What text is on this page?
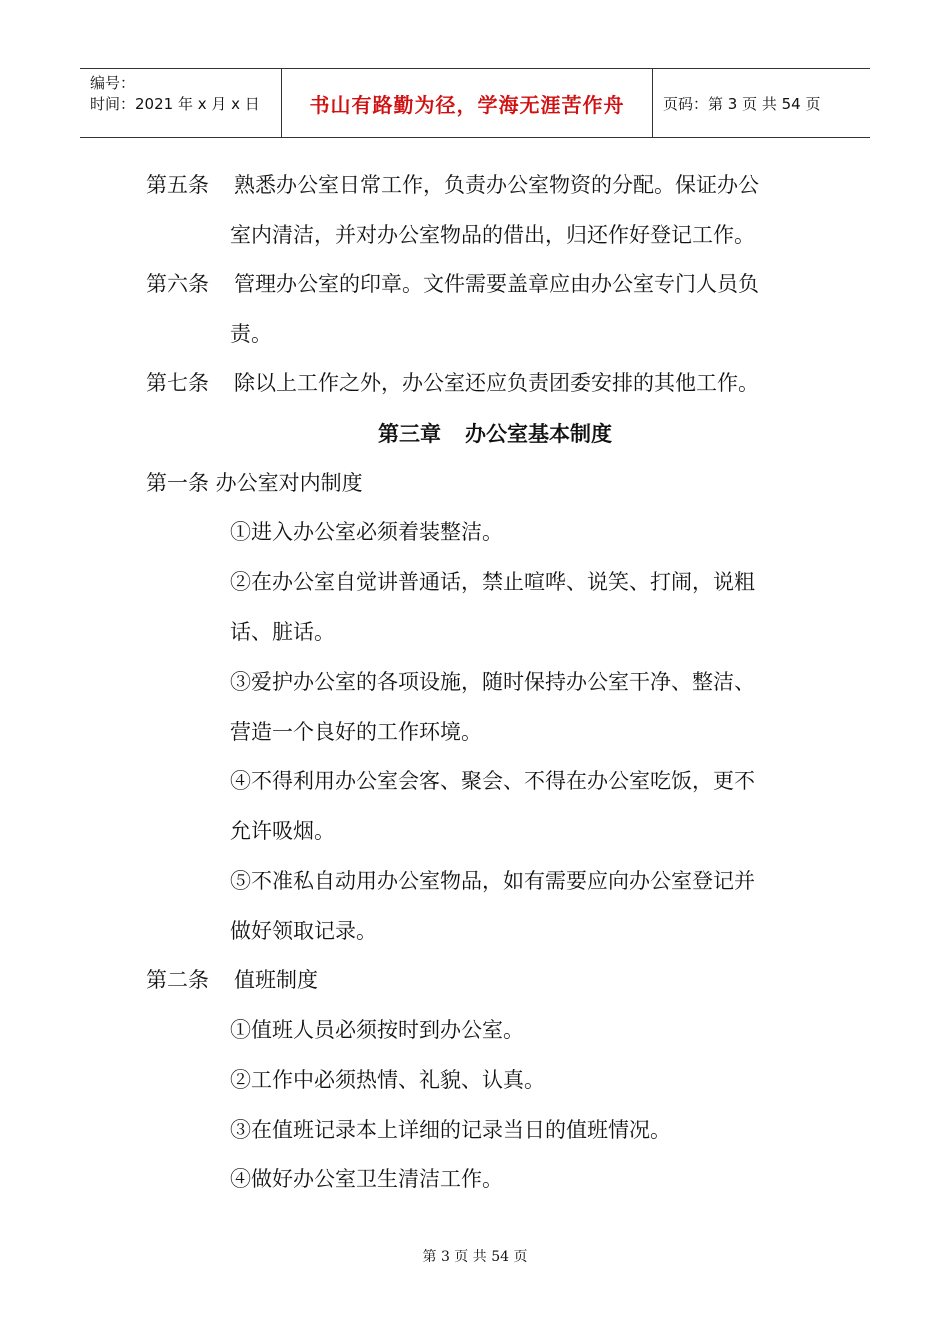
编号：
时间：2021 年 x 月 x 日	书山有路勤为径，学海无涯苦作舟	页码：第 3 页 共 54 页
第五条 熟悉办公室日常工作，负责办公室物资的分配。保证办公
室内清洁，并对办公室物品的借出，归还作好登记工作。
第六条 管理办公室的印章。文件需要盖章应由办公室专门人员负
责。
第七条 除以上工作之外，办公室还应负责团委安排的其他工作。
第三章 办公室基本制度
第一条 办公室对内制度
①进入办公室必须着装整洁。
②在办公室自觉讲普通话，禁止喧哗、说笑、打闹，说粗
话、脏话。
③爱护办公室的各项设施，随时保持办公室干净、整洁、
营造一个良好的工作环境。
④不得利用办公室会客、聚会、不得在办公室吃饭，更不
允许吸烟。
⑤不准私自动用办公室物品，如有需要应向办公室登记并
做好领取记录。
第二条 值班制度
①值班人员必须按时到办公室。
②工作中必须热情、礼貌、认真。
③在值班记录本上详细的记录当日的值班情况。
④做好办公室卫生清洁工作。
第 3 页 共 54 页
